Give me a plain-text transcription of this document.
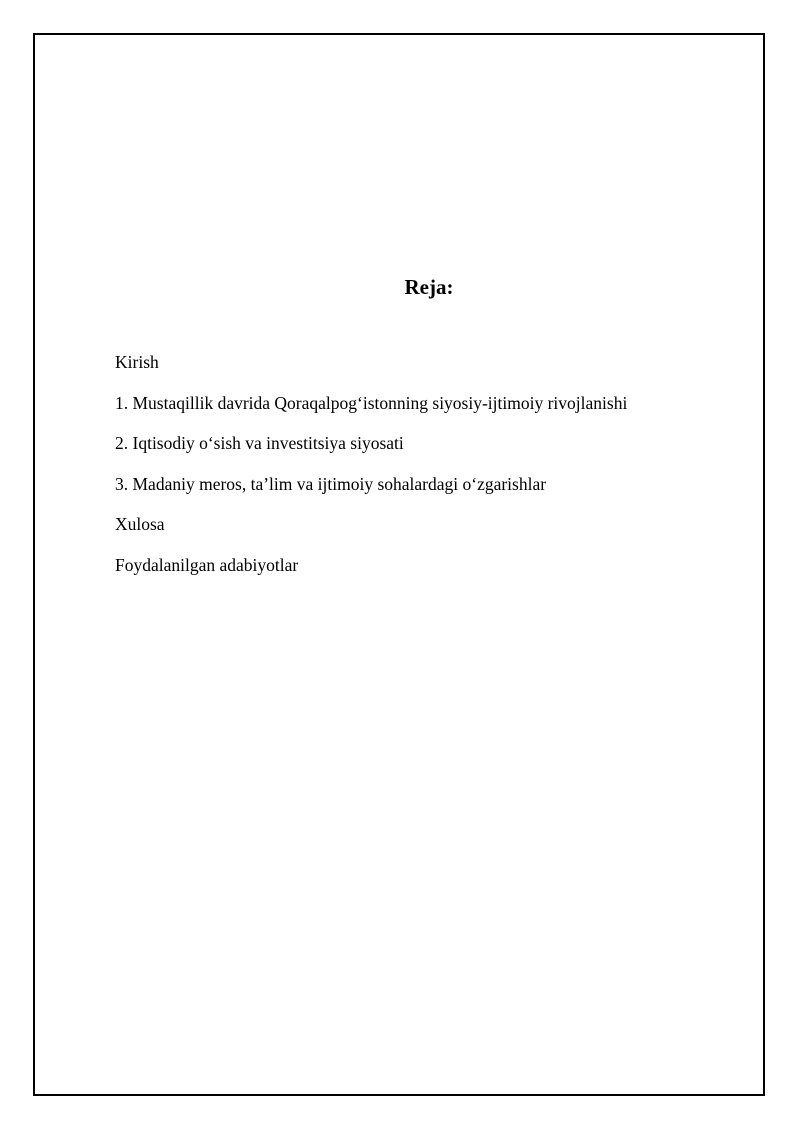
Reja:
Kirish
1. Mustaqillik davrida Qoraqalpog‘istonning siyosiy-ijtimoiy rivojlanishi
2. Iqtisodiy o‘sish va investitsiya siyosati
3. Madaniy meros, ta’lim va ijtimoiy sohalardagi o‘zgarishlar
Xulosa
Foydalanilgan adabiyotlar
